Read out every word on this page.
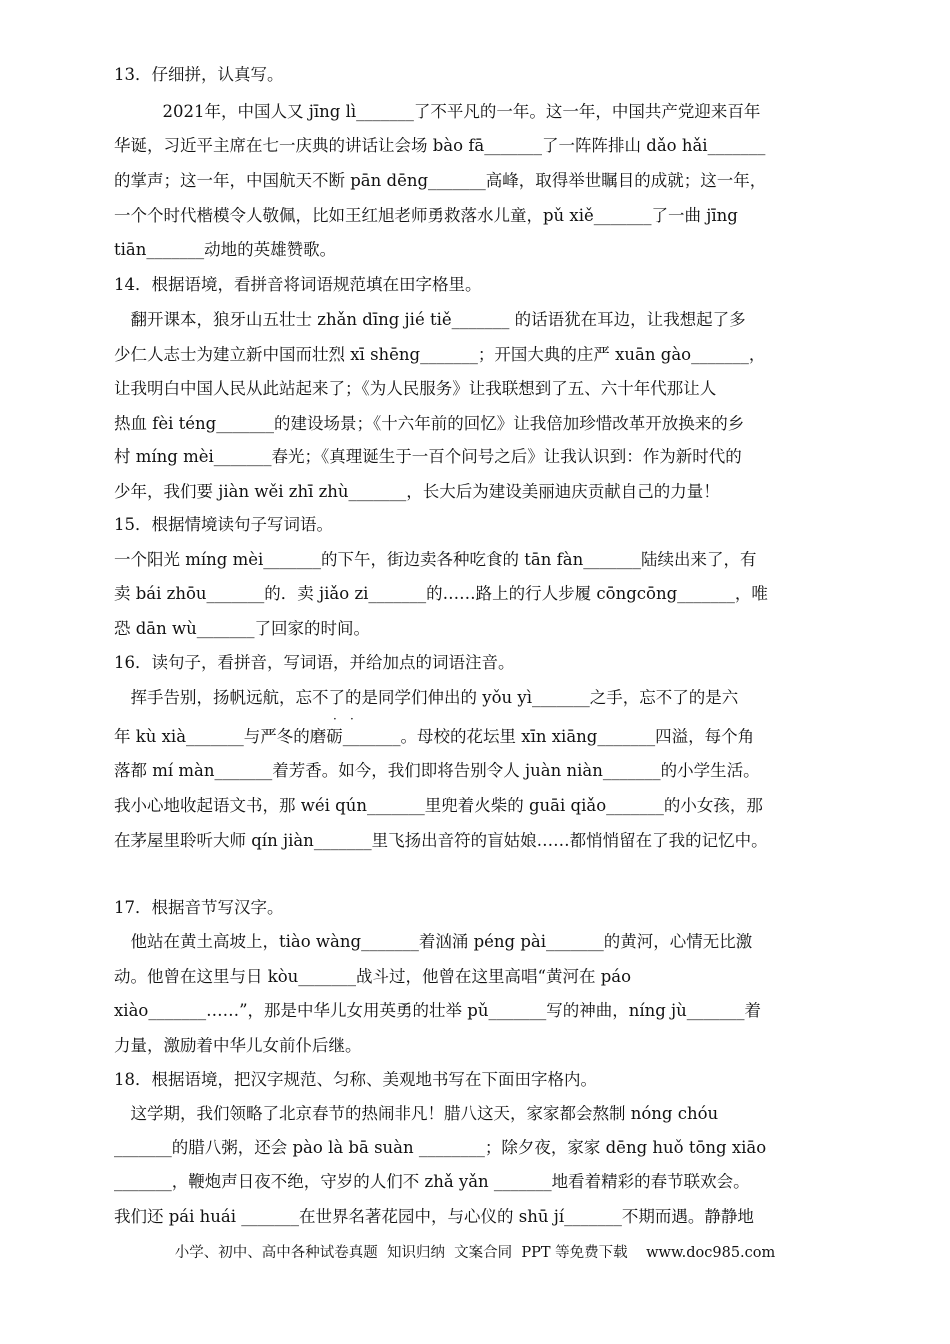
13．仔细拼，认真写。
　2021年，中国人又 jīng lì_______了不平凡的一年。这一年，中国共产党迎来百年
华诞，习近平主席在七一庆典的讲话让会场 bào fā_______了一阵阵排山 dǎo hǎi_______
的掌声；这一年，中国航天不断 pān dēng_______高峰，取得举世瞩目的成就；这一年，
一个个时代楷模令人敬佩，比如王红旭老师勇救落水儿童，pǔ xiě_______了一曲 jīng
tiān_______动地的英雄赞歌。
14．根据语境，看拼音将词语规范填在田字格里。
　翻开课本，狼牙山五壮士 zhǎn dīng jié tiě_______ 的话语犹在耳边，让我想起了多
少仁人志士为建立新中国而壮烈 xī shēng_______；开国大典的庄严 xuān gào_______，
让我明白中国人民从此站起来了；《为人民服务》让我联想到了五、六十年代那让人
热血 fèi téng_______的建设场景；《十六年前的回忆》让我倍加珍惜改革开放换来的乡
村 míng mèi_______春光；《真理诞生于一百个问号之后》让我认识到：作为新时代的
少年，我们要 jiàn wěi zhī zhù_______，长大后为建设美丽迪庆贡献自己的力量！
15．根据情境读句子写词语。
一个阳光 míng mèi_______的下午，街边卖各种吃食的 tān fàn_______陆续出来了，有
卖 bái zhōu_______的．卖 jiǎo zi_______的……路上的行人步履 cōngcōng_______，唯
恐 dān wù_______了回家的时间。
16．读句子，看拼音，写词语，并给加点的词语注音。
　挥手告别，扬帆远航，忘不了的是同学们伸出的 yǒu yì_______之手，忘不了的是六
· ·
年 kù xià_______与严冬的磨砺_______。母校的花坛里 xīn xiāng_______四溢，每个角
落都 mí màn_______着芳香。如今，我们即将告别令人 juàn niàn_______的小学生活。
我小心地收起语文书，那 wéi qún_______里兜着火柴的 guāi qiǎo_______的小女孩，那
在茅屋里聆听大师 qín jiàn_______里飞扬出音符的盲姑娘……都悄悄留在了我的记忆中。
17．根据音节写汉字。
　他站在黄土高坡上，tiào wàng_______着汹涌 péng pài_______的黄河，心情无比激
动。他曾在这里与日 kòu_______战斗过，他曾在这里高唱“黄河在 páo
xiào_______……”，那是中华儿女用英勇的壮举 pǔ_______写的神曲，níng jù_______着
力量，激励着中华儿女前仆后继。
18．根据语境，把汉字规范、匀称、美观地书写在下面田字格内。
　这学期，我们领略了北京春节的热闹非凡！腊八这天，家家都会熬制 nóng chóu
_______的腊八粥，还会 pào là bā suàn ________；除夕夜，家家 dēng huǒ tōng xiāo
_______，鞭炮声日夜不绝，守岁的人们不 zhǎ yǎn _______地看着精彩的春节联欢会。
我们还 pái huái _______在世界名著花园中，与心仪的 shū jí_______不期而遇。静静地
小学、初中、高中各种试卷真题  知识归纳  文案合同  PPT 等免费下载    www.doc985.com
